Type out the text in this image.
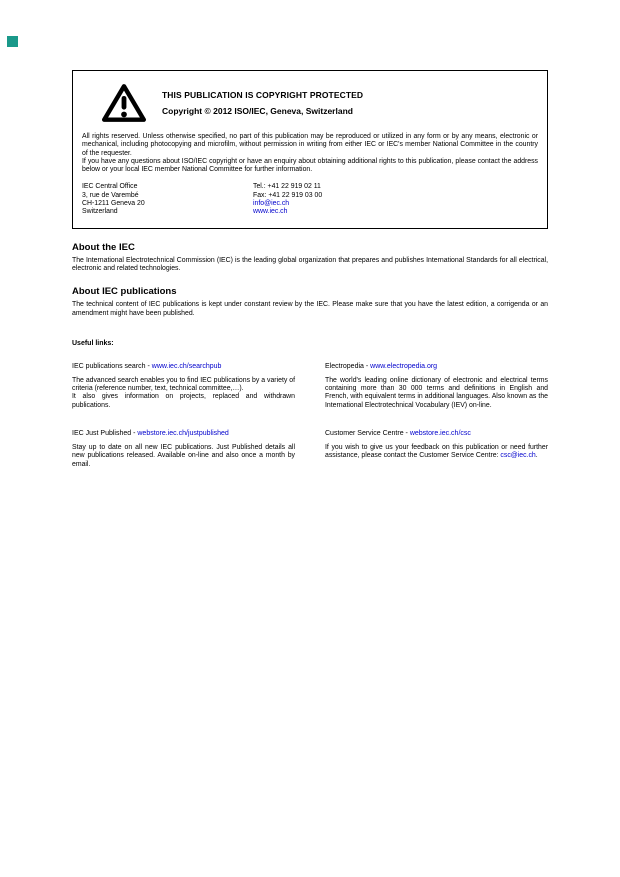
THIS PUBLICATION IS COPYRIGHT PROTECTED
Copyright © 2012 ISO/IEC, Geneva, Switzerland

All rights reserved. Unless otherwise specified, no part of this publication may be reproduced or utilized in any form or by any means, electronic or mechanical, including photocopying and microfilm, without permission in writing from either IEC or IEC's member National Committee in the country of the requester.

If you have any questions about ISO/IEC copyright or have an enquiry about obtaining additional rights to this publication, please contact the address below or your local IEC member National Committee for further information.

IEC Central Office	Tel.: +41 22 919 02 11
3, rue de Varembé	Fax: +41 22 919 03 00
CH-1211 Geneva 20	info@iec.ch
Switzerland	www.iec.ch
About the IEC

The International Electrotechnical Commission (IEC) is the leading global organization that prepares and publishes International Standards for all electrical, electronic and related technologies.

About IEC publications

The technical content of IEC publications is kept under constant review by the IEC. Please make sure that you have the latest edition, a corrigenda or an amendment might have been published.

Useful links:
IEC publications search - www.iec.ch/searchpub

The advanced search enables you to find IEC publications by a variety of criteria (reference number, text, technical committee,…).

It also gives information on projects, replaced and withdrawn publications.

Electropedia - www.electropedia.org

The world's leading online dictionary of electronic and electrical terms containing more than 30 000 terms and definitions in English and French, with equivalent terms in additional languages. Also known as the International Electrotechnical Vocabulary (IEV) on-line.

IEC Just Published - webstore.iec.ch/justpublished

Stay up to date on all new IEC publications. Just Published details all new publications released. Available on-line and also once a month by email.

Customer Service Centre - webstore.iec.ch/csc

If you wish to give us your feedback on this publication or need further assistance, please contact the Customer Service Centre: csc@iec.ch.
